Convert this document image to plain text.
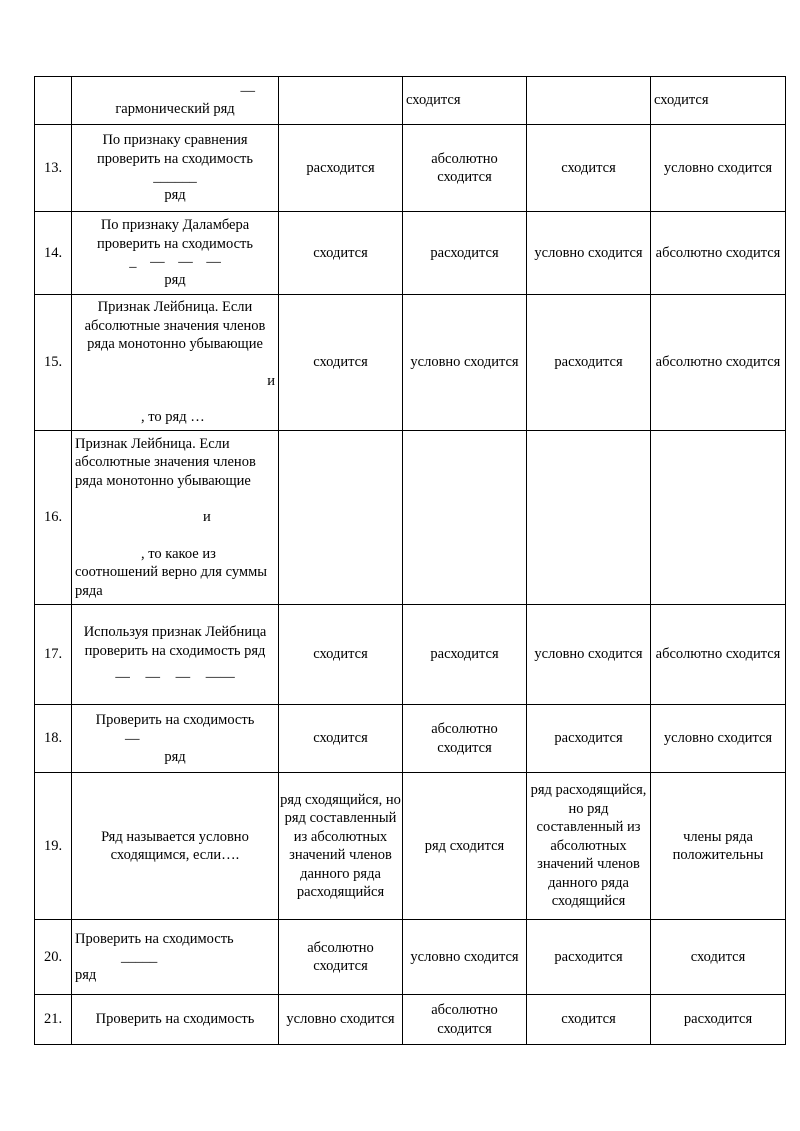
	—
гармонический ряд		сходится		сходится
13.	По признаку сравнения проверить на сходимость
______
ряд	расходится	абсолютно сходится	сходится	условно сходится
14.	По признаку Даламбера проверить на сходимость
_ — — —
ряд	сходится	расходится	условно сходится	абсолютно сходится
15.	Признак Лейбница. Если абсолютные значения членов ряда монотонно убывающие
и
, то ряд …	сходится	условно сходится	расходится	абсолютно сходится
16.	Признак Лейбница. Если абсолютные значения членов ряда монотонно убывающие
и
, то какое из соотношений верно для суммы ряда				

17.	Используя признак Лейбница проверить на сходимость ряд
— — — ——	сходится	расходится	условно сходится	абсолютно сходится
18.	Проверить на сходимость
—
ряд	сходится	абсолютно сходится	расходится	условно сходится
19.	Ряд называется условно сходящимся, если….	ряд сходящийся, но ряд составленный из абсолютных значений членов данного ряда расходящийся	ряд сходится	ряд расходящийся, но ряд составленный из абсолютных значений членов данного ряда сходящийся	члены ряда положительны
20.	Проверить на сходимость
_____
ряд	абсолютно сходится	условно сходится	расходится	сходится
21.	Проверить на сходимость	условно сходится	абсолютно сходится	сходится	расходится
